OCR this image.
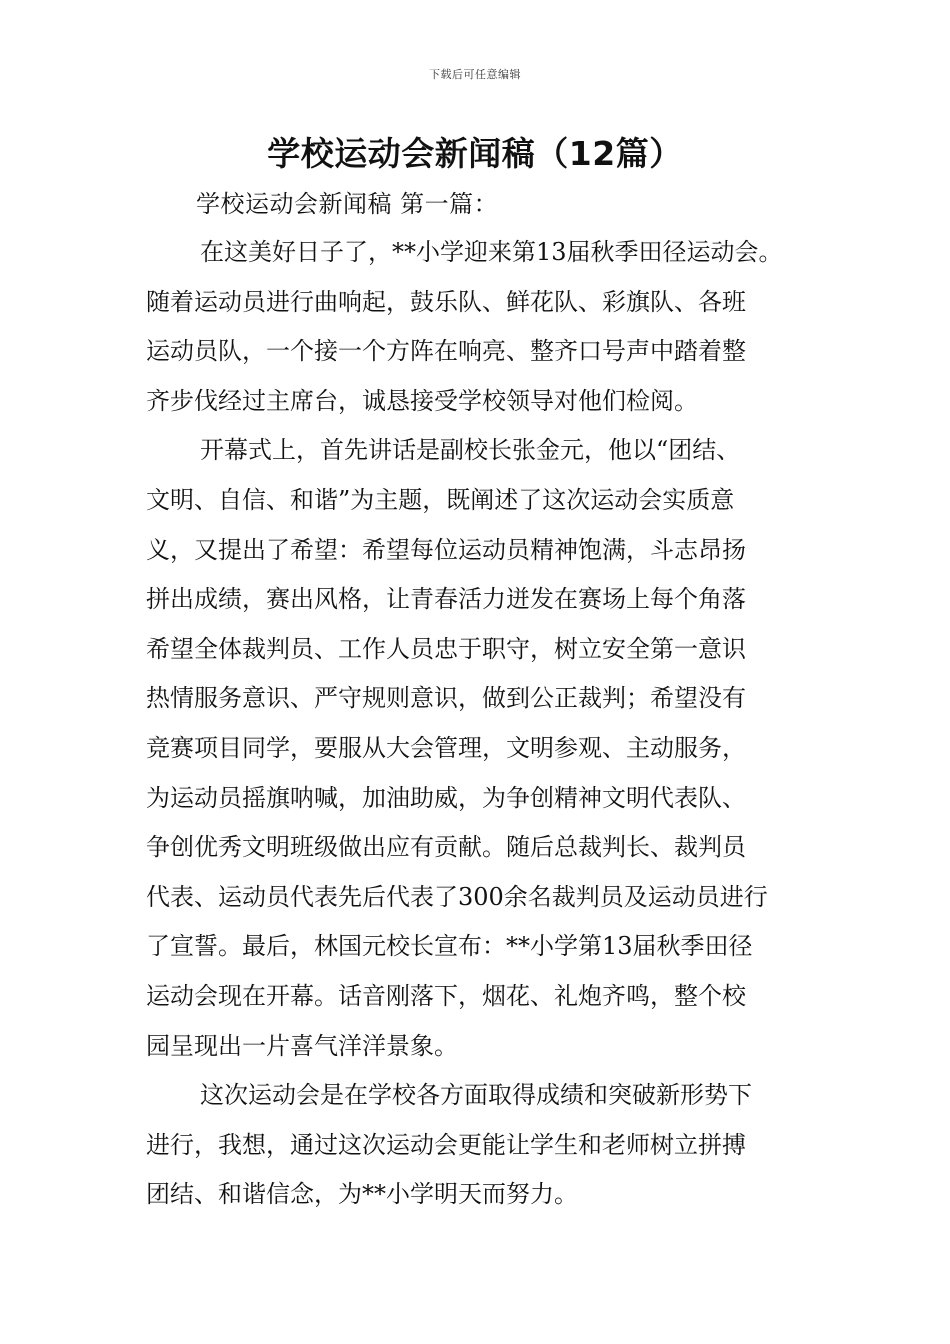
下载后可任意编辑
学校运动会新闻稿（12篇）
学校运动会新闻稿 第一篇：
在这美好日子了，**小学迎来第13届秋季田径运动会。
随着运动员进行曲响起，鼓乐队、鲜花队、彩旗队、各班
运动员队，一个接一个方阵在响亮、整齐口号声中踏着整
齐步伐经过主席台，诚恳接受学校领导对他们检阅。
开幕式上，首先讲话是副校长张金元，他以“团结、
文明、自信、和谐”为主题，既阐述了这次运动会实质意
义，又提出了希望：希望每位运动员精神饱满，斗志昂扬
拼出成绩，赛出风格，让青春活力迸发在赛场上每个角落
希望全体裁判员、工作人员忠于职守，树立安全第一意识
热情服务意识、严守规则意识，做到公正裁判；希望没有
竞赛项目同学，要服从大会管理，文明参观、主动服务，
为运动员摇旗呐喊，加油助威，为争创精神文明代表队、
争创优秀文明班级做出应有贡献。随后总裁判长、裁判员
代表、运动员代表先后代表了300余名裁判员及运动员进行
了宣誓。最后，林国元校长宣布：**小学第13届秋季田径
运动会现在开幕。话音刚落下，烟花、礼炮齐鸣，整个校
园呈现出一片喜气洋洋景象。
这次运动会是在学校各方面取得成绩和突破新形势下
进行，我想，通过这次运动会更能让学生和老师树立拼搏
团结、和谐信念，为**小学明天而努力。
